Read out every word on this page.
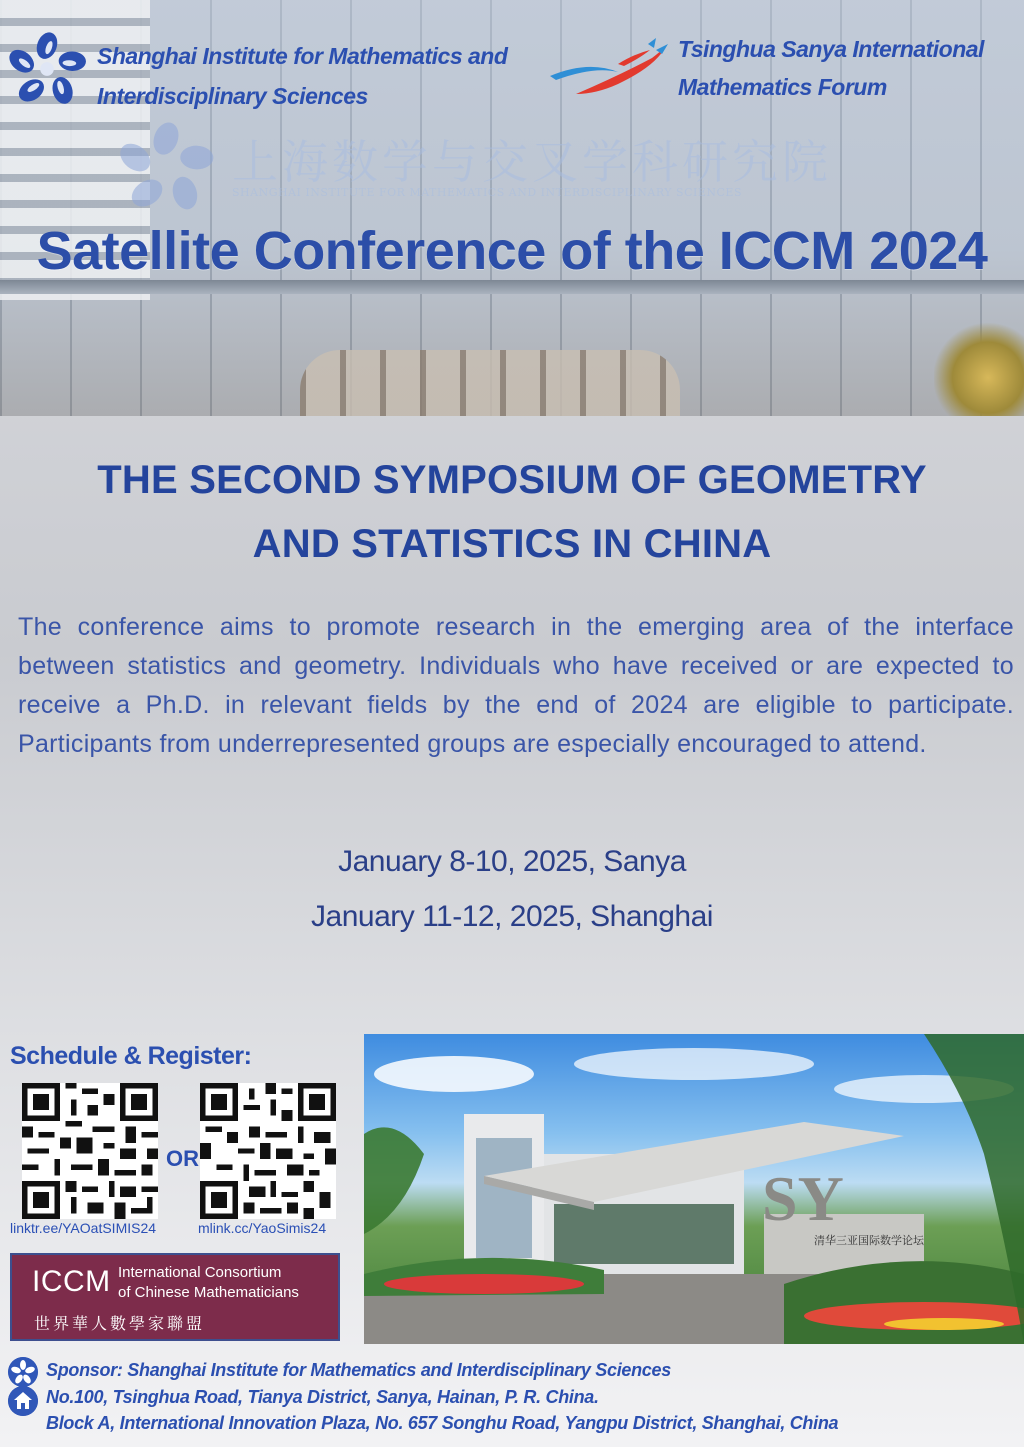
Shanghai Institute for Mathematics and
Interdisciplinary Sciences
Tsinghua Sanya International
Mathematics Forum
上海数学与交叉学科研究院
SHANGHAI INSTITUTE FOR MATHEMATICS AND INTERDISCIPLINARY SCIENCES
Satellite Conference of the ICCM 2024
THE SECOND SYMPOSIUM OF GEOMETRY
AND STATISTICS IN CHINA
The conference aims to promote research in the emerging area of the interface between statistics and geometry. Individuals who have received or are expected to receive a Ph.D. in relevant fields by the end of 2024 are eligible to participate. Participants from underrepresented groups are especially encouraged to attend.
January 8-10, 2025, Sanya
January 11-12, 2025, Shanghai
Schedule & Register:
OR
linktr.ee/YAOatSIMIS24	mlink.cc/YaoSimis24
ICCM International Consortium
of Chinese Mathematicians
世界華人數學家聯盟
SY
清华三亚国际数学论坛
Sponsor: Shanghai Institute for Mathematics and Interdisciplinary Sciences
No.100, Tsinghua Road, Tianya District, Sanya, Hainan, P. R. China.
Block A, International Innovation Plaza, No. 657 Songhu Road, Yangpu District, Shanghai, China
